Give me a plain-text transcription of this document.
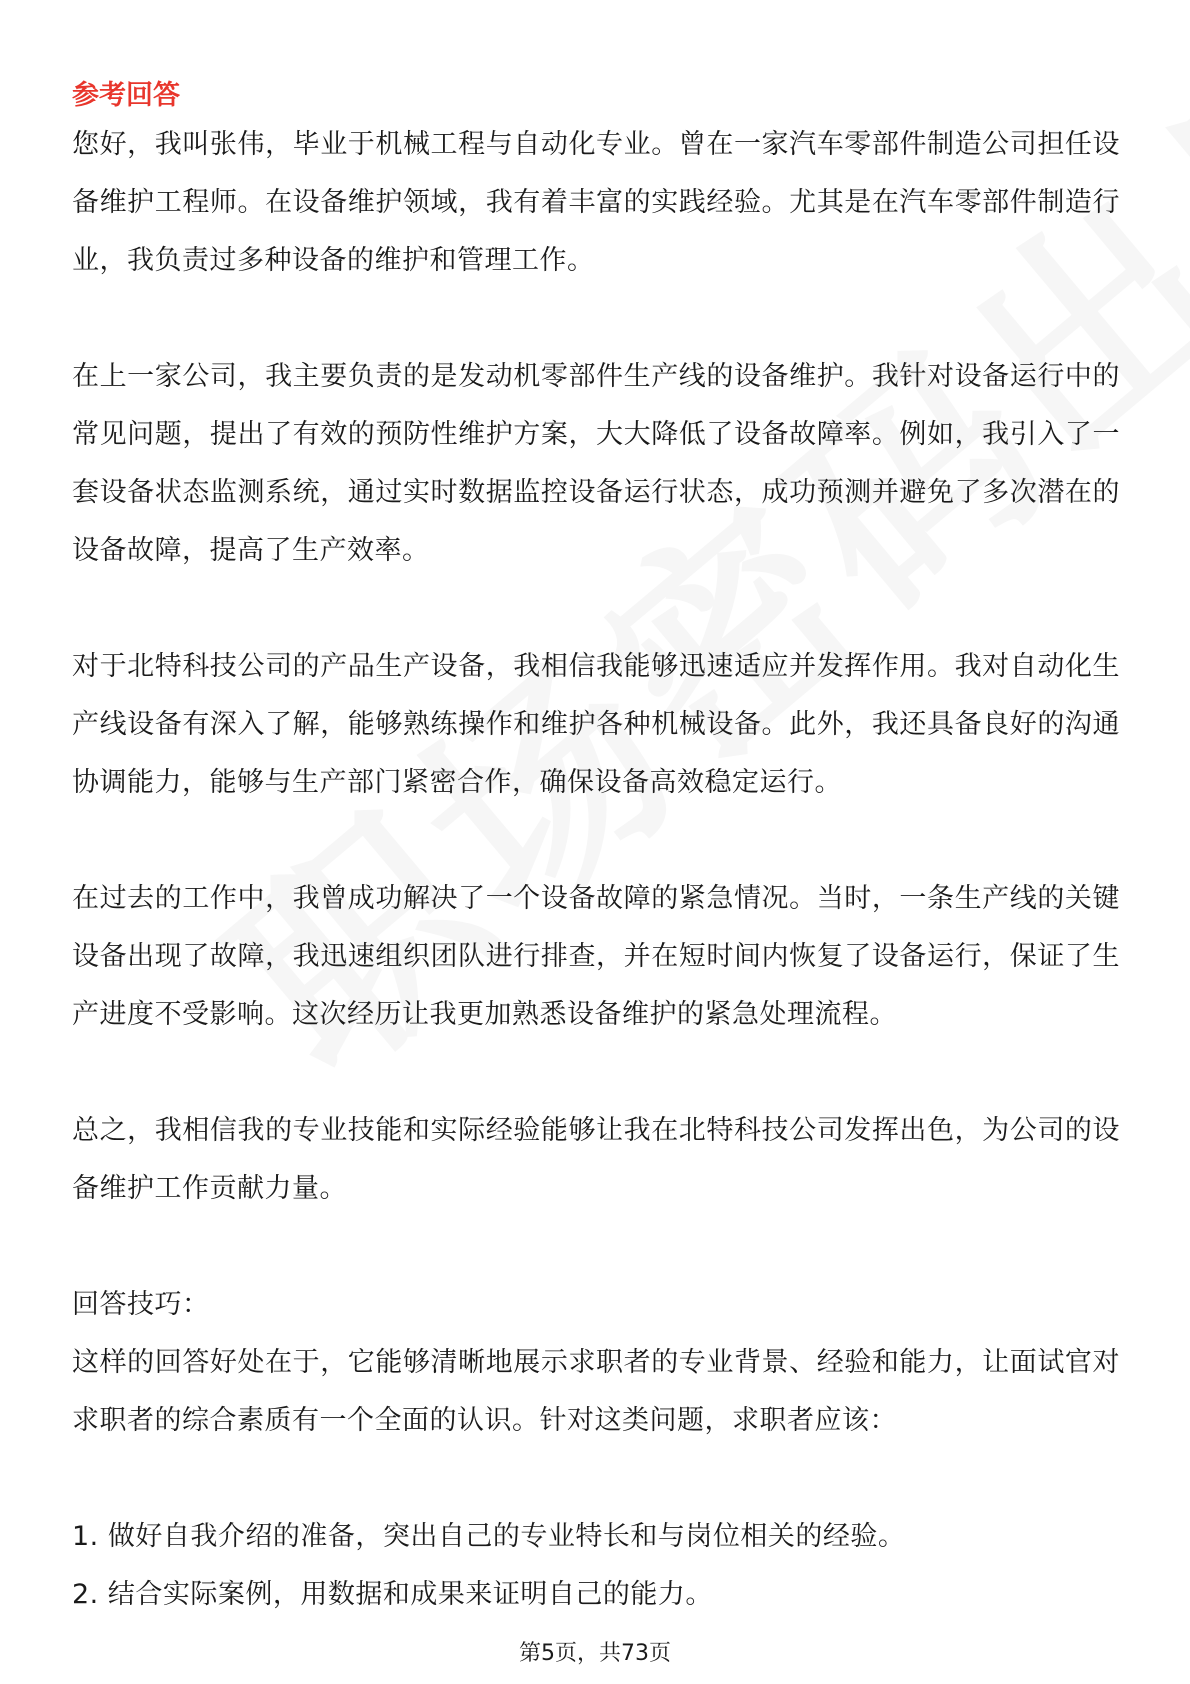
参考回答

您好，我叫张伟，毕业于机械工程与自动化专业。曾在一家汽车零部件制造公司担任设备维护工程师。在设备维护领域，我有着丰富的实践经验。尤其是在汽车零部件制造行业，我负责过多种设备的维护和管理工作。

在上一家公司，我主要负责的是发动机零部件生产线的设备维护。我针对设备运行中的常见问题，提出了有效的预防性维护方案，大大降低了设备故障率。例如，我引入了一套设备状态监测系统，通过实时数据监控设备运行状态，成功预测并避免了多次潜在的设备故障，提高了生产效率。

对于北特科技公司的产品生产设备，我相信我能够迅速适应并发挥作用。我对自动化生产线设备有深入了解，能够熟练操作和维护各种机械设备。此外，我还具备良好的沟通协调能力，能够与生产部门紧密合作，确保设备高效稳定运行。

在过去的工作中，我曾成功解决了一个设备故障的紧急情况。当时，一条生产线的关键设备出现了故障，我迅速组织团队进行排查，并在短时间内恢复了设备运行，保证了生产进度不受影响。这次经历让我更加熟悉设备维护的紧急处理流程。

总之，我相信我的专业技能和实际经验能够让我在北特科技公司发挥出色，为公司的设备维护工作贡献力量。

回答技巧：

这样的回答好处在于，它能够清晰地展示求职者的专业背景、经验和能力，让面试官对求职者的综合素质有一个全面的认识。针对这类问题，求职者应该：

1. 做好自我介绍的准备，突出自己的专业特长和与岗位相关的经验。

2. 结合实际案例，用数据和成果来证明自己的能力。

第5页，共73页
